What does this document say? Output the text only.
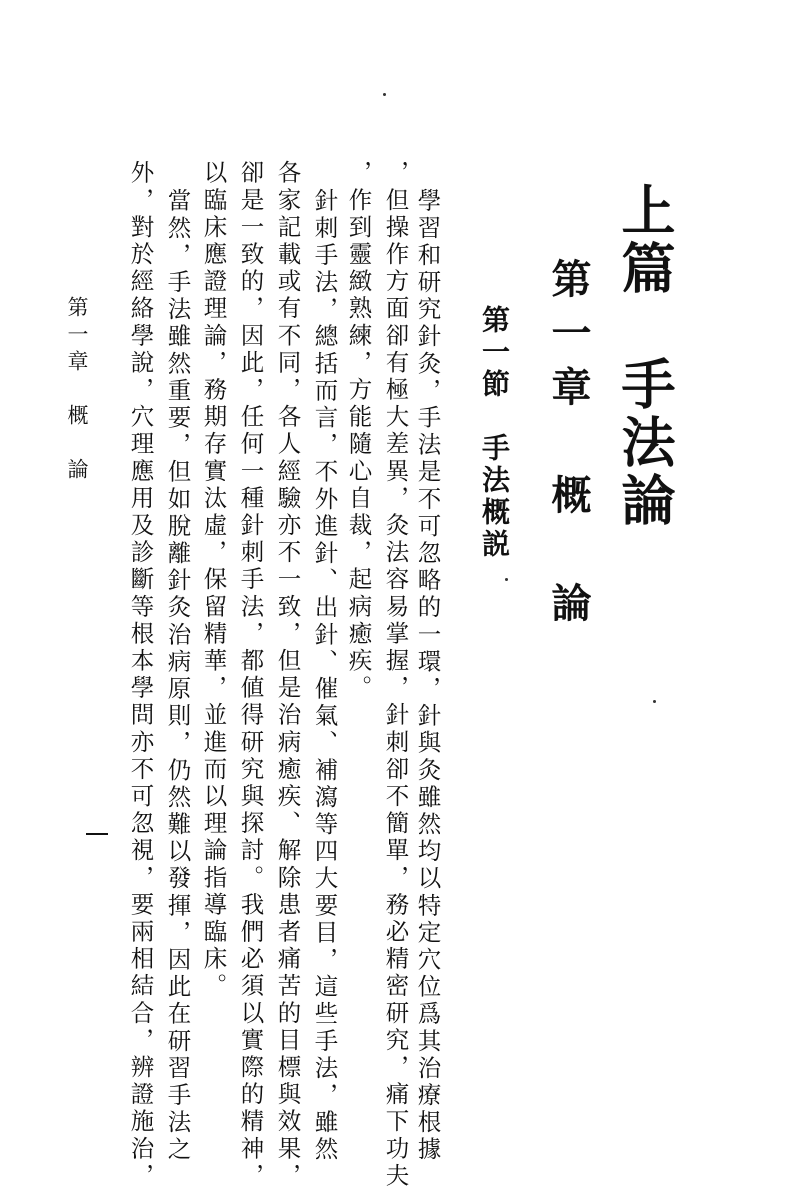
上篇　手法論
第一章　概　論
第一節　手法概説
學習和研究針灸，手法是不可忽略的一環，針與灸雖然均以特定穴位爲其治療根據
，但操作方面卻有極大差異，灸法容易掌握，針刺卻不簡單，務必精密研究，痛下功夫
，作到靈緻熟練，方能隨心自裁，起病癒疾。
針刺手法，總括而言，不外進針、出針、催氣、補瀉等四大要目，這些手法，雖然
各家記載或有不同，各人經驗亦不一致，但是治病癒疾、解除患者痛苦的目標與效果，
卻是一致的，因此，任何一種針刺手法，都値得研究與探討。我們必須以實際的精神，
以臨床應證理論，務期存實汰虛，保留精華，並進而以理論指導臨床。
當然，手法雖然重要，但如脫離針灸治病原則，仍然難以發揮，因此在研習手法之
外，對於經絡學說，穴理應用及診斷等根本學問亦不可忽視，要兩相結合，辨證施治，
第一章　概　論
